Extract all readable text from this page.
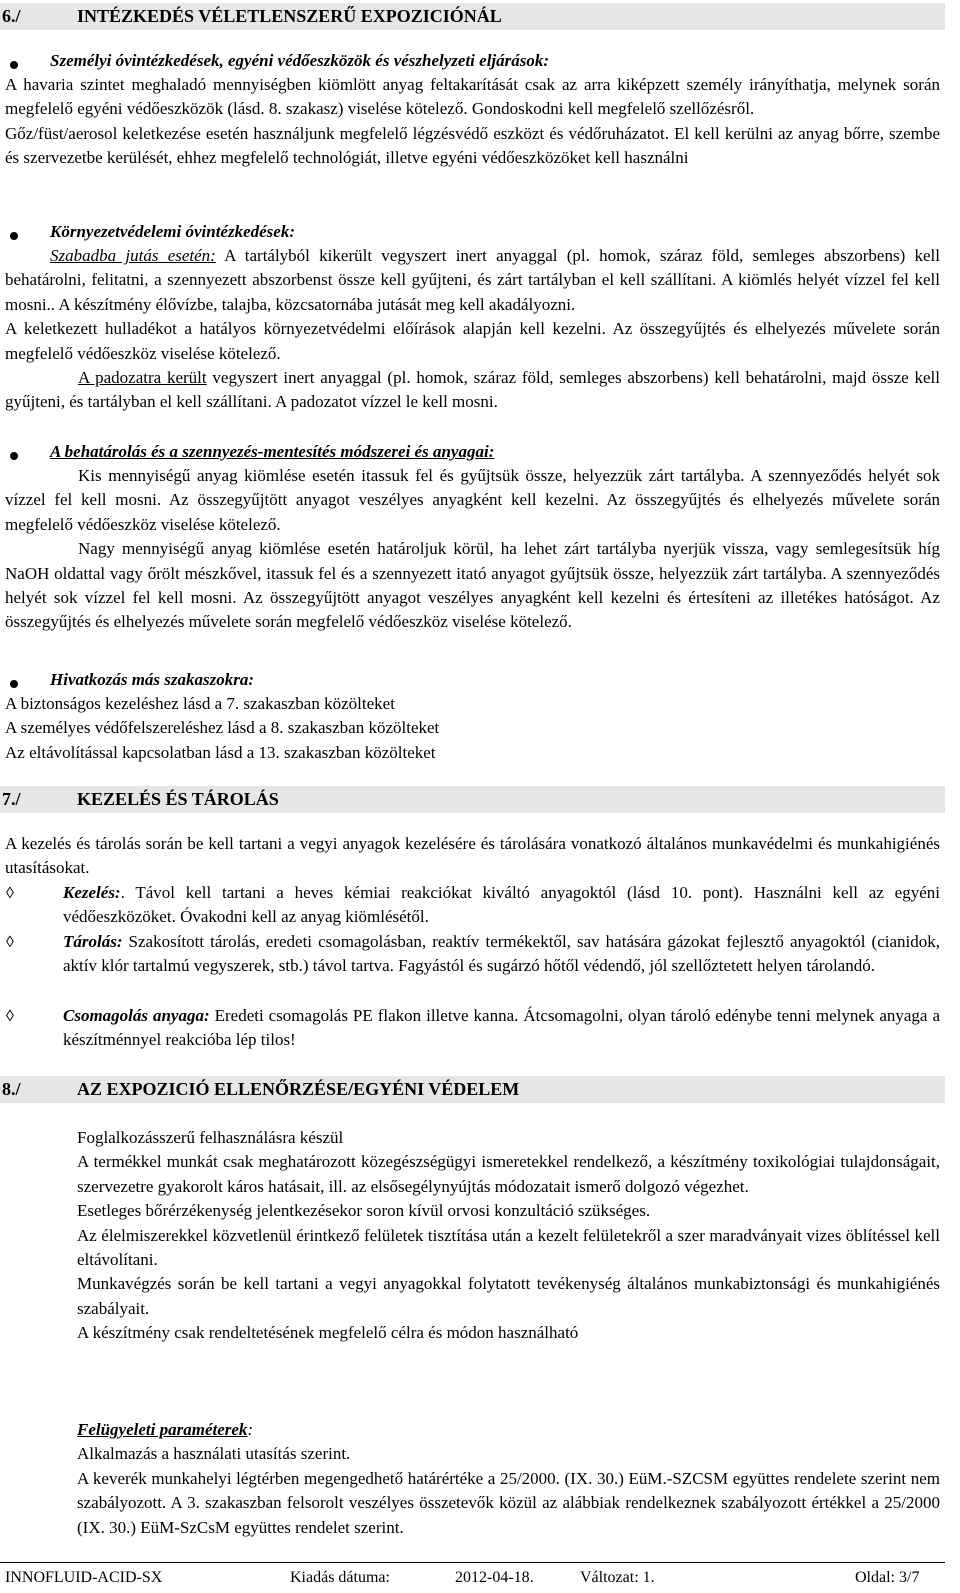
6./	INTÉZKEDÉS VÉLETLENSZERŰ EXPOZICIÓNÁL
Személyi óvintézkedések, egyéni védőeszközök és vészhelyzeti eljárások:

A havaria szintet meghaladó mennyiségben kiömlött anyag feltakarítását csak az arra kiképzett személy irányíthatja, melynek során megfelelő egyéni védőeszközök (lásd. 8. szakasz) viselése kötelező. Gondoskodni kell megfelelő szellőzésről.

Gőz/füst/aerosol keletkezése esetén használjunk megfelelő légzésvédő eszközt és védőruházatot. El kell kerülni az anyag bőrre, szembe és szervezetbe kerülését, ehhez megfelelő technológiát, illetve egyéni védőeszközöket kell használni

Környezetvédelemi óvintézkedések:

Szabadba jutás esetén: A tartályból kikerült vegyszert inert anyaggal (pl. homok, száraz föld, semleges abszorbens) kell behatárolni, felitatni, a szennyezett abszorbenst össze kell gyűjteni, és zárt tartályban el kell szállítani. A kiömlés helyét vízzel fel kell mosni.. A készítmény élővízbe, talajba, közcsatornába jutását meg kell akadályozni.

A keletkezett hulladékot a hatályos környezetvédelmi előírások alapján kell kezelni. Az összegyűjtés és elhelyezés művelete során megfelelő védőeszköz viselése kötelező.

A padozatra került vegyszert inert anyaggal (pl. homok, száraz föld, semleges abszorbens) kell behatárolni, majd össze kell gyűjteni, és tartályban el kell szállítani. A padozatot vízzel le kell mosni.

A behatárolás és a szennyezés-mentesítés módszerei és anyagai:

Kis mennyiségű anyag kiömlése esetén itassuk fel és gyűjtsük össze, helyezzük zárt tartályba. A szennyeződés helyét sok vízzel fel kell mosni. Az összegyűjtött anyagot veszélyes anyagként kell kezelni. Az összegyűjtés és elhelyezés művelete során megfelelő védőeszköz viselése kötelező.

Nagy mennyiségű anyag kiömlése esetén határoljuk körül, ha lehet zárt tartályba nyerjük vissza, vagy semlegesítsük híg NaOH oldattal vagy őrölt mészkővel, itassuk fel és a szennyezett itató anyagot gyűjtsük össze, helyezzük zárt tartályba. A szennyeződés helyét sok vízzel fel kell mosni. Az összegyűjtött anyagot veszélyes anyagként kell kezelni és értesíteni az illetékes hatóságot. Az összegyűjtés és elhelyezés művelete során megfelelő védőeszköz viselése kötelező.

Hivatkozás más szakaszokra:

A biztonságos kezeléshez lásd a 7. szakaszban közölteket

A személyes védőfelszereléshez lásd a 8. szakaszban közölteket

Az eltávolítással kapcsolatban lásd a 13. szakaszban közölteket

7./	KEZELÉS ÉS TÁROLÁS

A kezelés és tárolás során be kell tartani a vegyi anyagok kezelésére és tárolására vonatkozó általános munkavédelmi és munkahigiénés utasításokat.

◊	Kezelés:. Távol kell tartani a heves kémiai reakciókat kiváltó anyagoktól (lásd 10. pont). Használni kell az egyéni védőeszközöket. Óvakodni kell az anyag kiömlésétől.
◊	Tárolás: Szakosított tárolás, eredeti csomagolásban, reaktív termékektől, sav hatására gázokat fejlesztő anyagoktól (cianidok, aktív klór tartalmú vegyszerek, stb.) távol tartva. Fagyástól és sugárzó hőtől védendő, jól szellőztetett helyen tárolandó.
◊	Csomagolás anyaga: Eredeti csomagolás PE flakon illetve kanna. Átcsomagolni, olyan tároló edénybe tenni melynek anyaga a készítménnyel reakcióba lép tilos!
8./	AZ EXPOZICIÓ ELLENŐRZÉSE/EGYÉNI VÉDELEM

Foglalkozásszerű felhasználásra készül

A termékkel munkát csak meghatározott közegészségügyi ismeretekkel rendelkező, a készítmény toxikológiai tulajdonságait, szervezetre gyakorolt káros hatásait, ill. az elsősegélynyújtás módozatait ismerő dolgozó végezhet.

Esetleges bőrérzékenység jelentkezésekor soron kívül orvosi konzultáció szükséges.

Az élelmiszerekkel közvetlenül érintkező felületek tisztítása után a kezelt felületekről a szer maradványait vizes öblítéssel kell eltávolítani.

Munkavégzés során be kell tartani a vegyi anyagokkal folytatott tevékenység általános munkabiztonsági és munkahigiénés szabályait.

A készítmény csak rendeltetésének megfelelő célra és módon használható

Felügyeleti paraméterek:

Alkalmazás a használati utasítás szerint.

A keverék munkahelyi légtérben megengedhető határértéke a 25/2000. (IX. 30.) EüM.-SZCSM együttes rendelete szerint nem szabályozott. A 3. szakaszban felsorolt veszélyes összetevők közül az alábbiak rendelkeznek szabályozott értékkel a 25/2000 (IX. 30.) EüM-SzCsM együttes rendelet szerint.

INNOFLUID-ACID-SX	Kiadás dátuma:	2012-04-18.	Változat: 1.	Oldal: 3/7
